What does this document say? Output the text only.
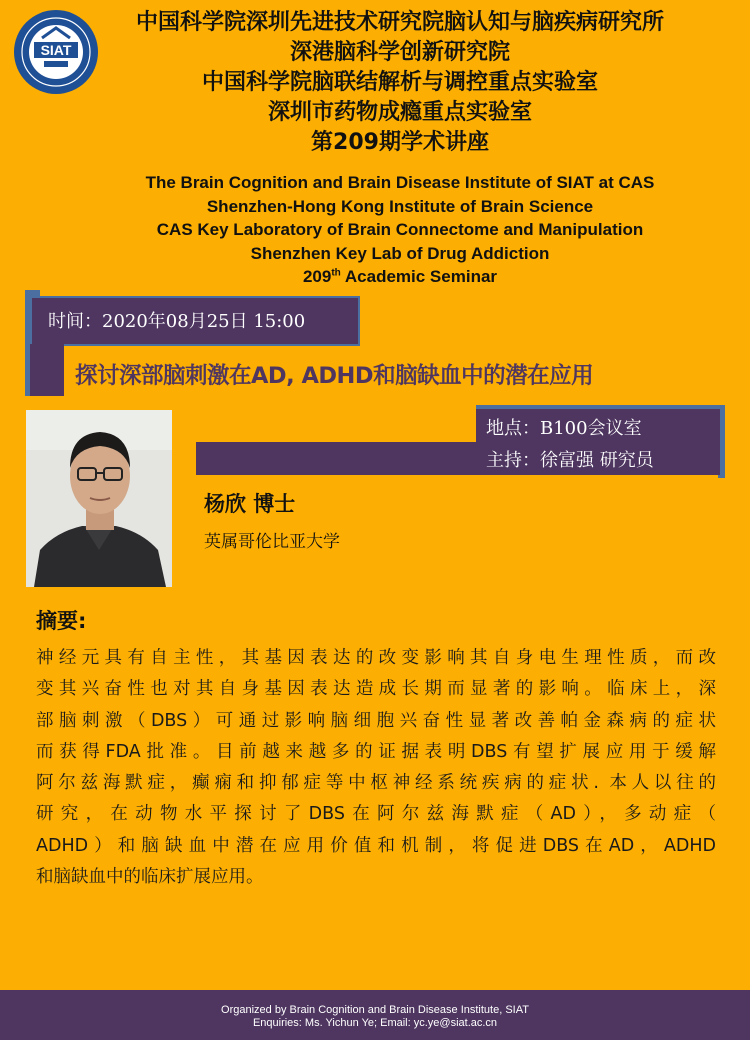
SIAT

中国科学院深圳先进技术研究院脑认知与脑疾病研究所

深港脑科学创新研究院

中国科学院脑联结解析与调控重点实验室

深圳市药物成瘾重点实验室

第209期学术讲座

The Brain Cognition and Brain Disease Institute of SIAT at CAS

Shenzhen-Hong Kong Institute of Brain Science

CAS Key Laboratory of Brain Connectome and Manipulation

Shenzhen Key Lab of Drug Addiction

209th Academic Seminar

时间：2020年08月25日 15:00
探讨深部脑刺激在AD, ADHD和脑缺血中的潜在应用
地点：B100会议室
主持：徐富强 研究员
杨欣 博士
英属哥伦比亚大学
摘要:
神经元具有自主性，其基因表达的改变影响其自身电生理性质，而改
变其兴奋性也对其自身基因表达造成长期而显著的影响。临床上，深
部脑刺激（DBS）可通过影响脑细胞兴奋性显著改善帕金森病的症状
而获得FDA批准。目前越来越多的证据表明DBS有望扩展应用于缓解
阿尔兹海默症，癫痫和抑郁症等中枢神经系统疾病的症状. 本人以往的
研究，在动物水平探讨了DBS在阿尔兹海默症（AD），多动症（
ADHD）和脑缺血中潜在应用价值和机制，将促进DBS在AD，ADHD
和脑缺血中的临床扩展应用。

Organized by Brain Cognition and Brain Disease Institute, SIAT

Enquiries: Ms. Yichun Ye; Email: yc.ye@siat.ac.cn
